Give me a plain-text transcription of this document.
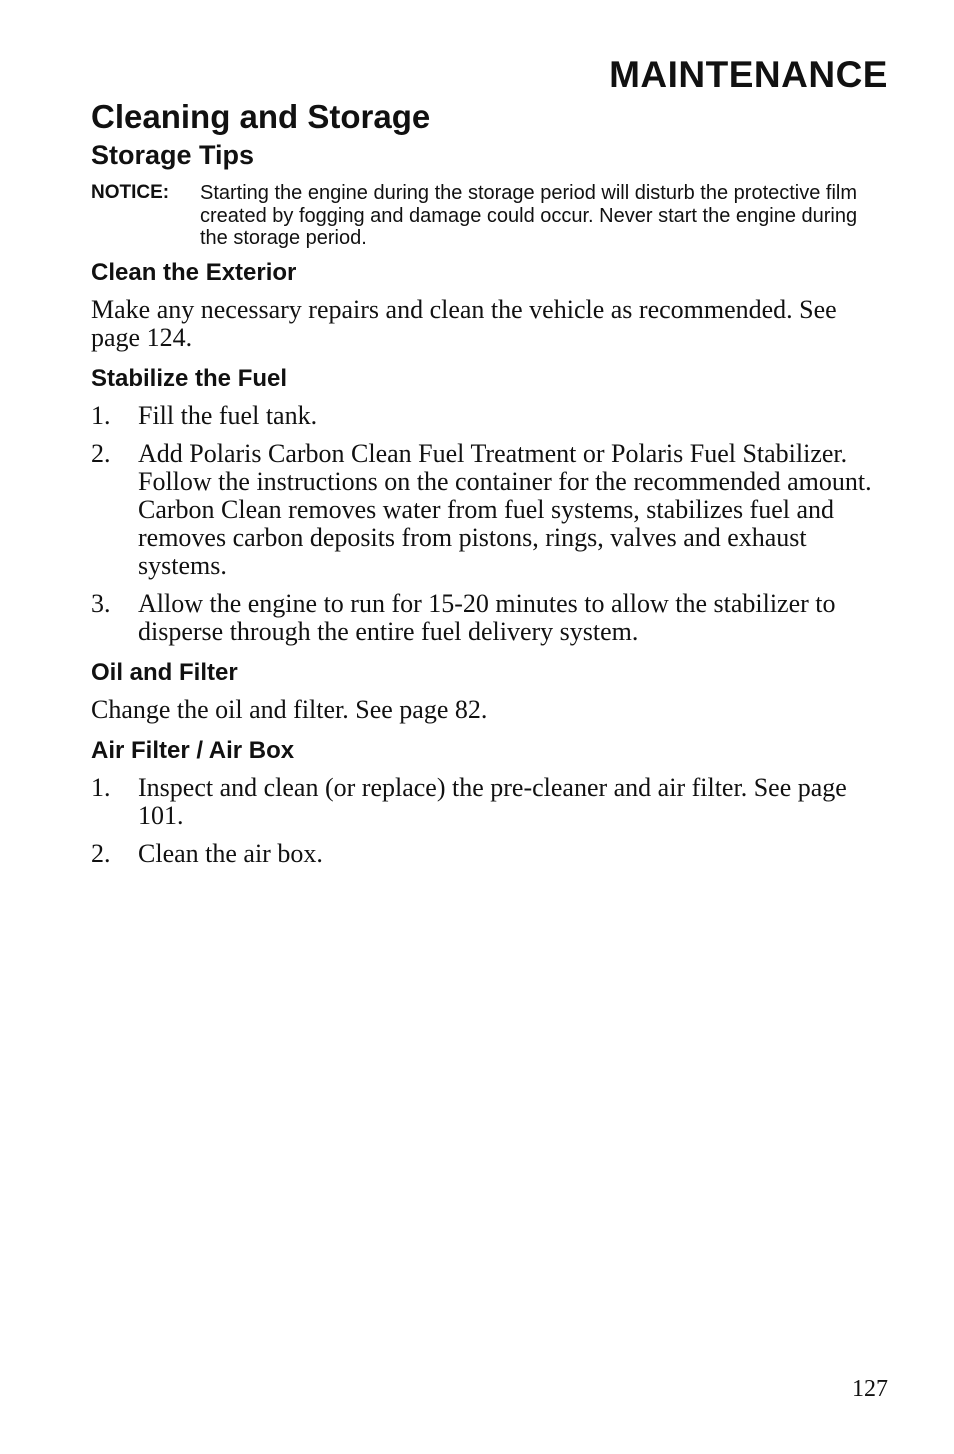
MAINTENANCE
Cleaning and Storage
Storage Tips
NOTICE: Starting the engine during the storage period will disturb the protective film created by fogging and damage could occur. Never start the engine during the storage period.
Clean the Exterior
Make any necessary repairs and clean the vehicle as recommended. See page 124.
Stabilize the Fuel
1. Fill the fuel tank.
2. Add Polaris Carbon Clean Fuel Treatment or Polaris Fuel Stabilizer. Follow the instructions on the container for the recommended amount. Carbon Clean removes water from fuel systems, stabilizes fuel and removes carbon deposits from pistons, rings, valves and exhaust systems.
3. Allow the engine to run for 15-20 minutes to allow the stabilizer to disperse through the entire fuel delivery system.
Oil and Filter
Change the oil and filter. See page 82.
Air Filter / Air Box
1. Inspect and clean (or replace) the pre-cleaner and air filter. See page 101.
2. Clean the air box.
127
